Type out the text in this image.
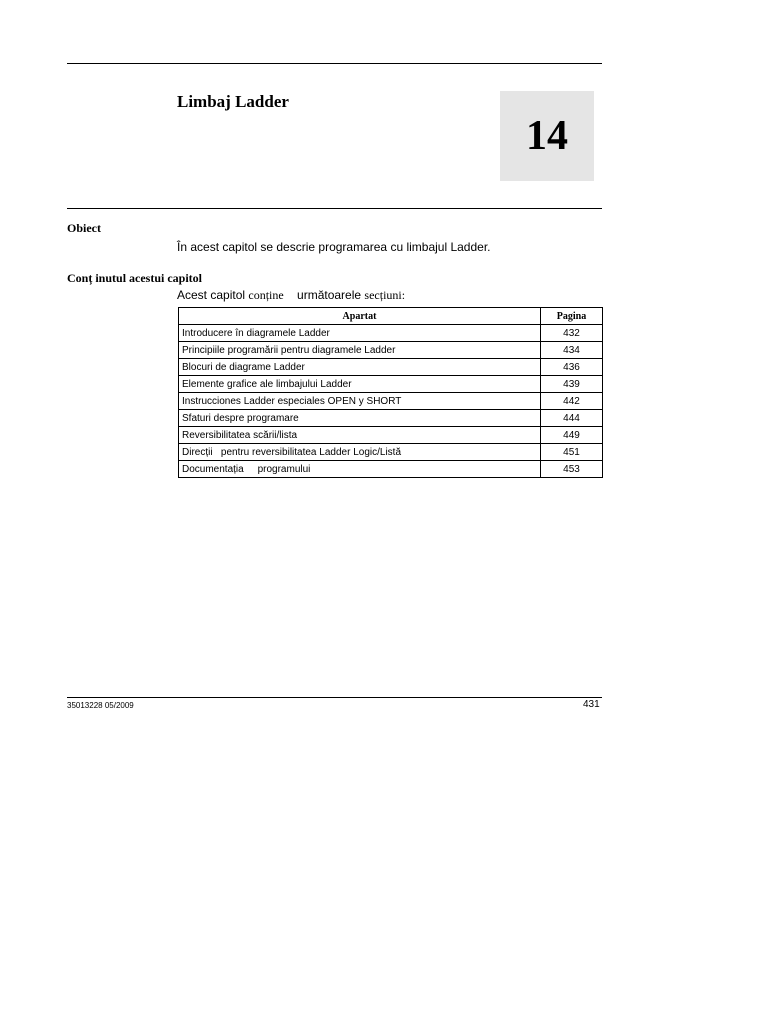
Limbaj Ladder
14
Obiect
În acest capitol se descrie programarea cu limbajul Ladder.
Conț inutul acestui capitol
Acest capitol conține    următoarele secțiuni:
Apartat	Pagina
Introducere în diagramele Ladder	432
Principiile programării pentru diagramele Ladder	434
Blocuri de diagrame Ladder	436
Elemente grafice ale limbajului Ladder	439
Instrucciones Ladder especiales OPEN y SHORT	442
Sfaturi despre programare	444
Reversibilitatea scării/lista	449
Direcții   pentru reversibilitatea Ladder Logic/Listă	451
Documentația     programului	453
35013228 05/2009	431
